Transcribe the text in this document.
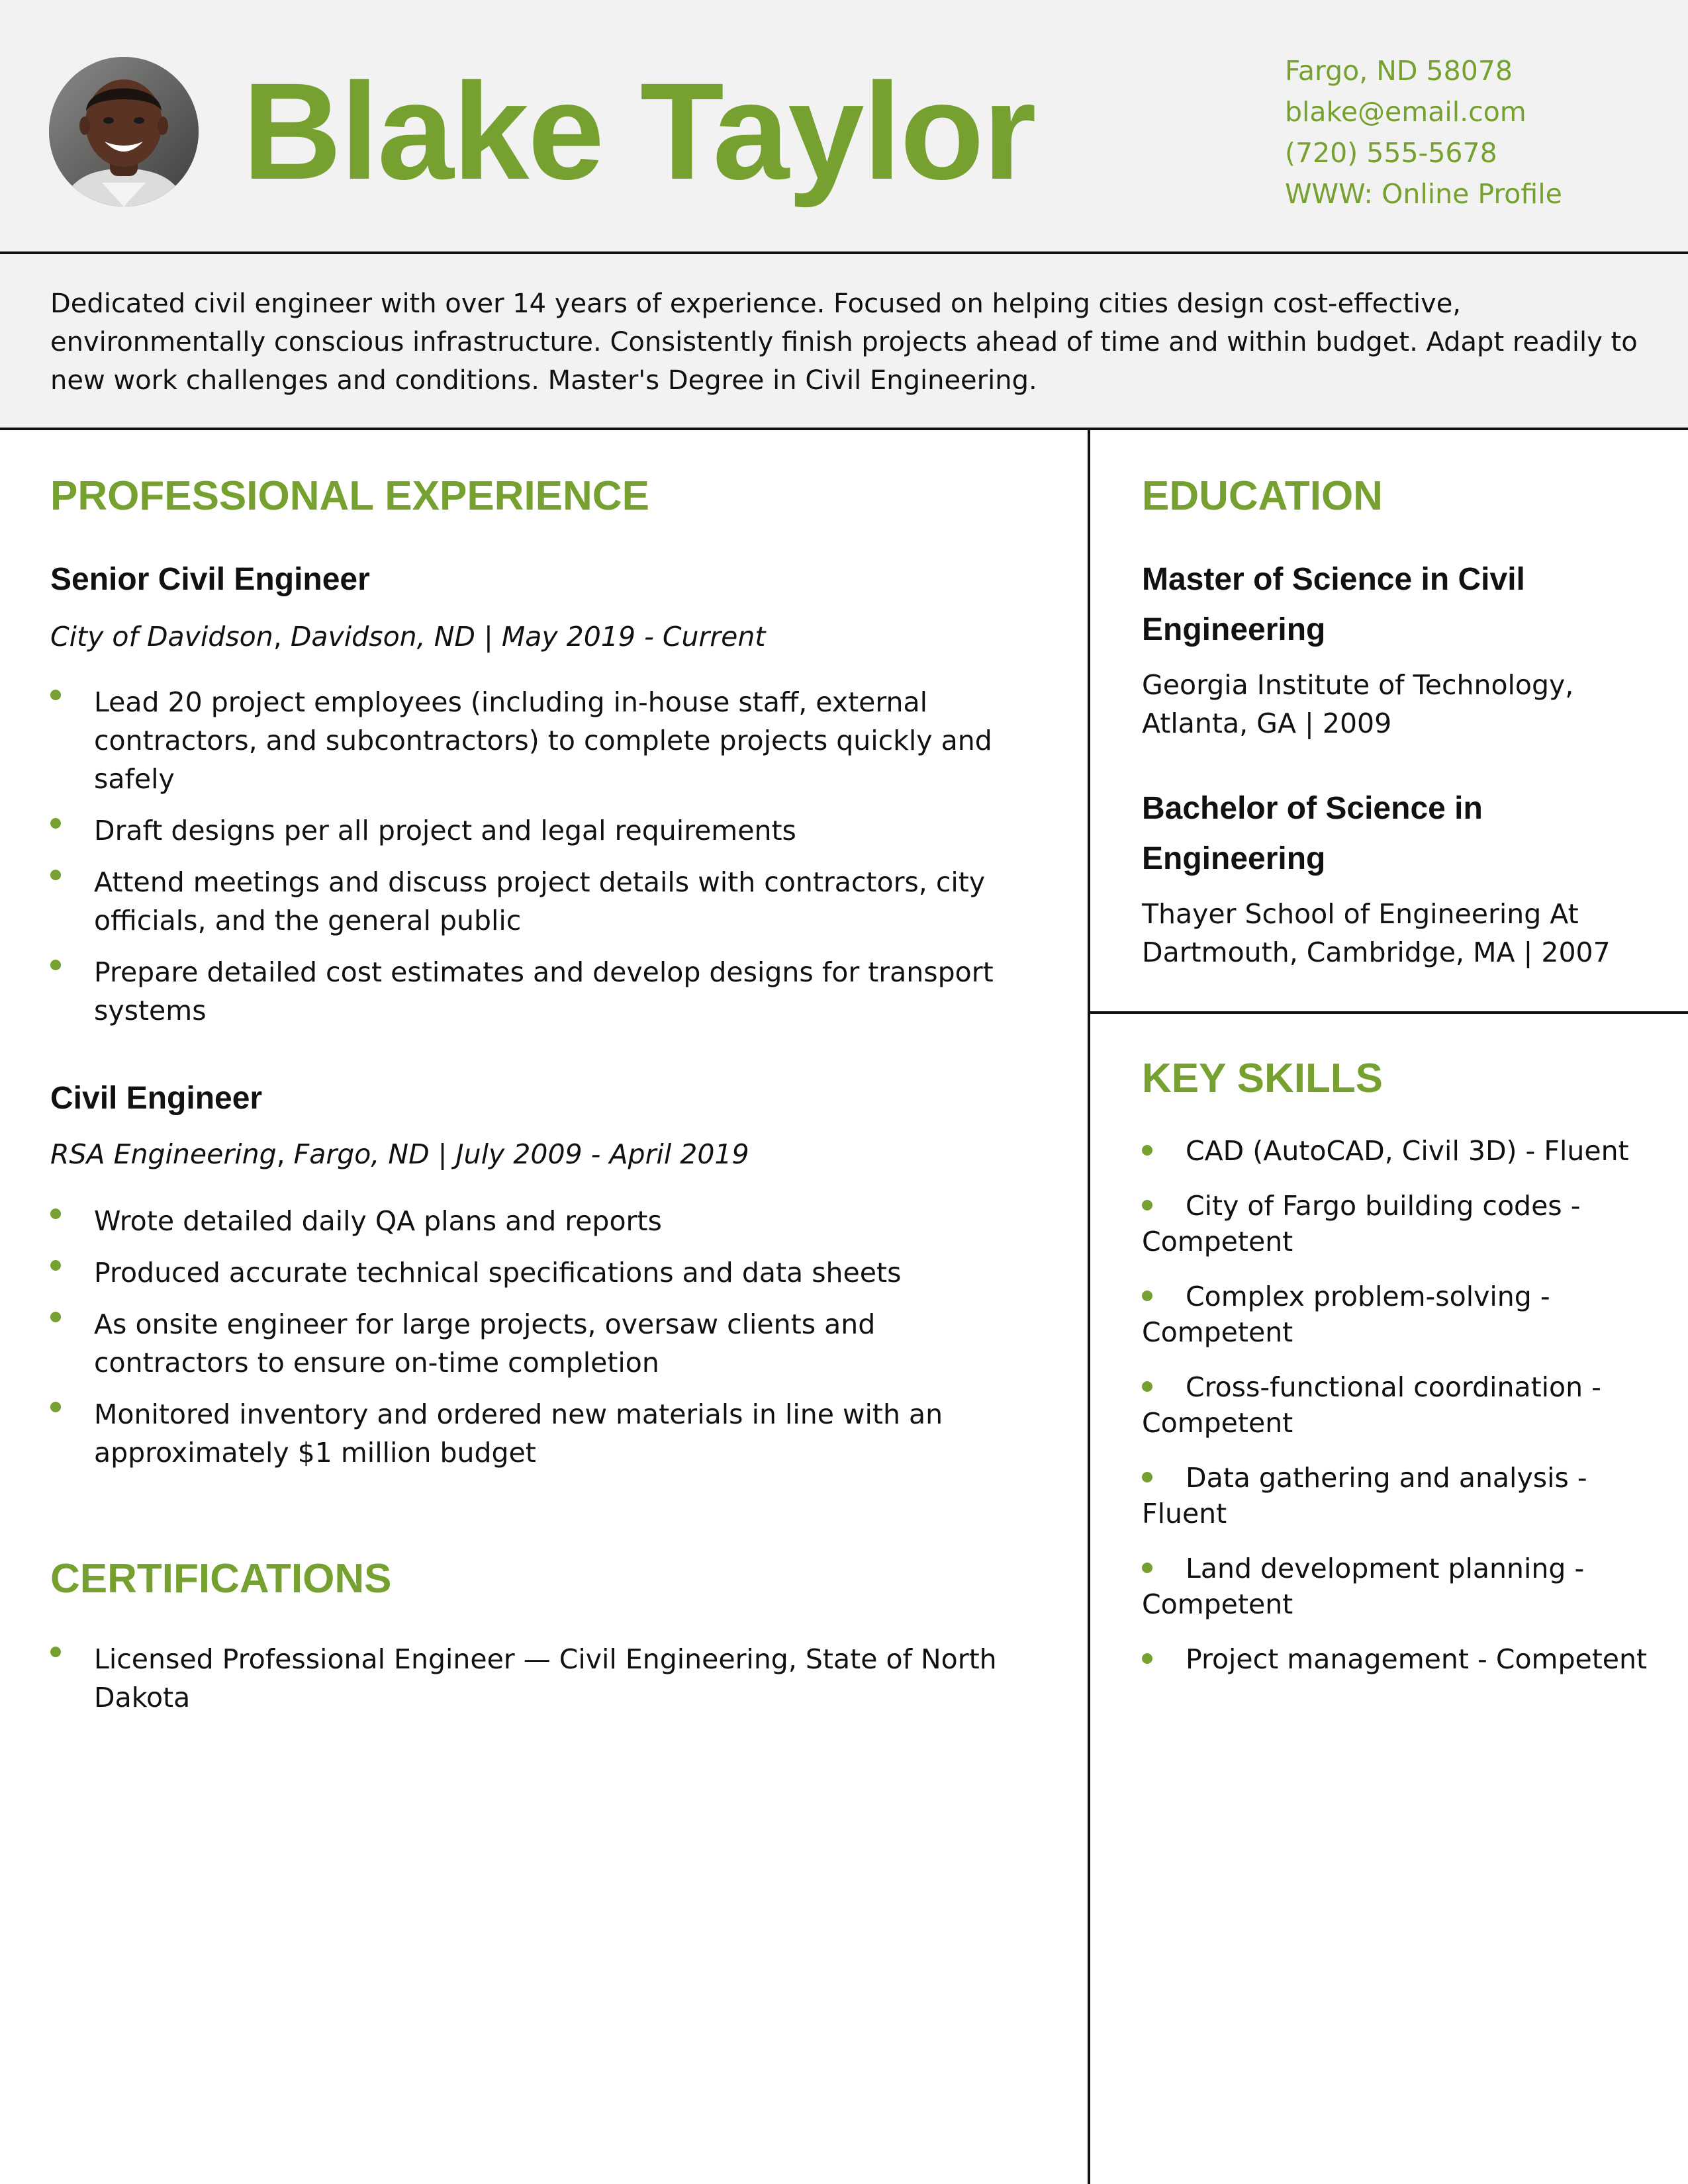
Blake Taylor	Fargo, ND 58078
blake@email.com
(720) 555-5678
WWW: Online Profile

Dedicated civil engineer with over 14 years of experience. Focused on helping cities design cost-effective, environmentally conscious infrastructure. Consistently finish projects ahead of time and within budget. Adapt readily to new work challenges and conditions. Master's Degree in Civil Engineering.

PROFESSIONAL EXPERIENCE
Senior Civil Engineer

City of Davidson, Davidson, ND | May 2019 - Current

Lead 20 project employees (including in-house staff, external contractors, and subcontractors) to complete projects quickly and safely
Draft designs per all project and legal requirements
Attend meetings and discuss project details with contractors, city officials, and the general public
Prepare detailed cost estimates and develop designs for transport systems
Civil Engineer

RSA Engineering, Fargo, ND | July 2009 - April 2019

Wrote detailed daily QA plans and reports
Produced accurate technical specifications and data sheets
As onsite engineer for large projects, oversaw clients and contractors to ensure on-time completion
Monitored inventory and ordered new materials in line with an approximately $1 million budget
CERTIFICATIONS
Licensed Professional Engineer — Civil Engineering, State of North Dakota
EDUCATION
Master of Science in Civil Engineering

Georgia Institute of Technology, Atlanta, GA | 2009

Bachelor of Science in Engineering

Thayer School of Engineering At Dartmouth, Cambridge, MA | 2007

KEY SKILLS
CAD (AutoCAD, Civil 3D) - Fluent
City of Fargo building codes - Competent
Complex problem-solving - Competent
Cross-functional coordination - Competent
Data gathering and analysis - Fluent
Land development planning - Competent
Project management - Competent
